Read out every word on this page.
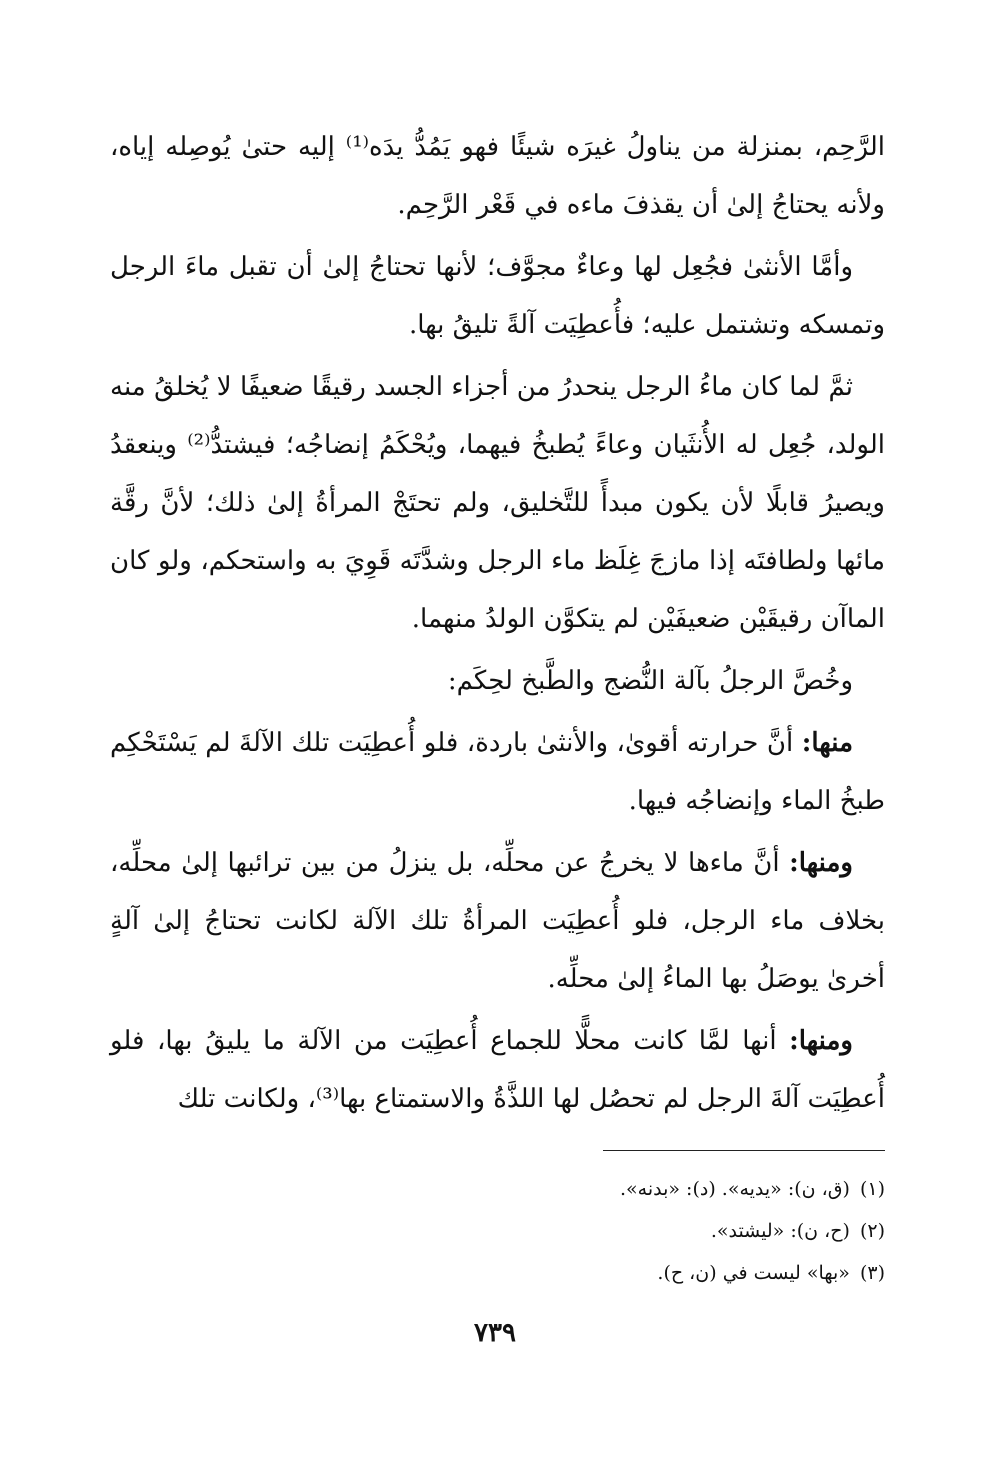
الرَّحِم، بمنزلة من يناولُ غيرَه شيئًا فهو يَمُدُّ يدَه⁽¹⁾ إليه حتىٰ يُوصِله إياه، ولأنه يحتاجُ إلىٰ أن يقذفَ ماءه في قَعْر الرَّحِم.

وأمَّا الأنثىٰ فجُعِل لها وعاءٌ مجوَّف؛ لأنها تحتاجُ إلىٰ أن تقبل ماءَ الرجل وتمسكه وتشتمل عليه؛ فأُعطِيَت آلةً تليقُ بها.

ثمَّ لما كان ماءُ الرجل ينحدرُ من أجزاء الجسد رقيقًا ضعيفًا لا يُخلقُ منه الولد، جُعِل له الأُنثَيان وعاءً يُطبخُ فيهما، ويُحْكَمُ إنضاجُه؛ فيشتدُّ⁽²⁾ وينعقدُ ويصيرُ قابلًا لأن يكون مبدأً للتَّخليق، ولم تحتَجْ المرأةُ إلىٰ ذلك؛ لأنَّ رقَّة مائها ولطافتَه إذا مازجَ غِلَظ ماء الرجل وشدَّتَه قَوِيَ به واستحكم، ولو كان الماآن رقيقَيْن ضعيفَيْن لم يتكوَّن الولدُ منهما.

وخُصَّ الرجلُ بآلة النُّضج والطَّبخ لحِكَم:

منها: أنَّ حرارته أقوىٰ، والأنثىٰ باردة، فلو أُعطِيَت تلك الآلةَ لم يَسْتَحْكِم طبخُ الماء وإنضاجُه فيها.

ومنها: أنَّ ماءها لا يخرجُ عن محلِّه، بل ينزلُ من بين ترائبها إلىٰ محلِّه، بخلاف ماء الرجل، فلو أُعطِيَت المرأةُ تلك الآلة لكانت تحتاجُ إلىٰ آلةٍ أخرىٰ يوصَلُ بها الماءُ إلىٰ محلِّه.

ومنها: أنها لمَّا كانت محلًّا للجماع أُعطِيَت من الآلة ما يليقُ بها، فلو أُعطِيَت آلةَ الرجل لم تحصُل لها اللذَّةُ والاستمتاع بها⁽³⁾، ولكانت تلك

(١)(ق، ن): «يديه». (د): «بدنه».
(٢)(ح، ن): «ليشتد».
(٣)«بها» ليست في (ن، ح).
٧٣٩
